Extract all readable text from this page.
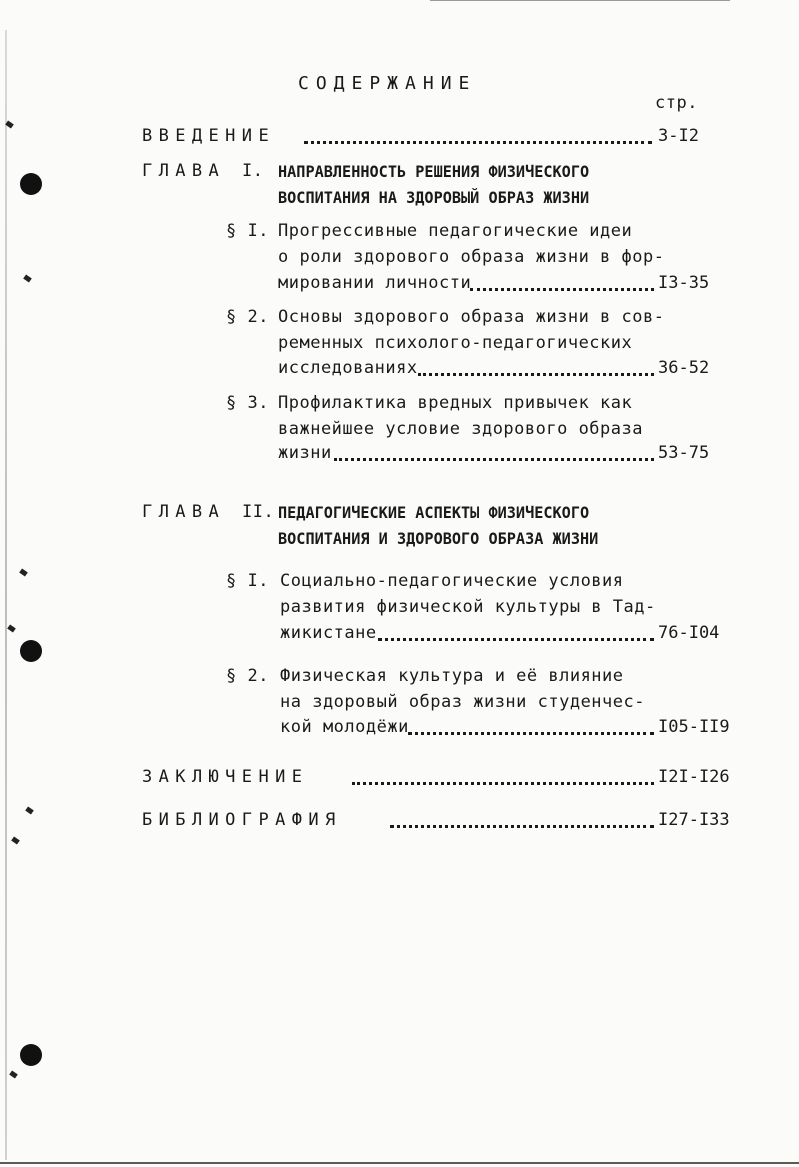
СОДЕРЖАНИЕ
стр.
ВВЕДЕНИЕ	3-I2
ГЛАВА I. НАПРАВЛЕННОСТЬ РЕШЕНИЯ ФИЗИЧЕСКОГО
ВОСПИТАНИЯ НА ЗДОРОВЫЙ ОБРАЗ ЖИЗНИ
§ I. Прогрессивные педагогические идеи
о роли здорового образа жизни в фор-
мировании личности	I3-35
§ 2. Основы здорового образа жизни в сов-
ременных психолого-педагогических
исследованиях	36-52
§ 3. Профилактика вредных привычек как
важнейшее условие здорового образа
жизни	53-75
ГЛАВА II. ПЕДАГОГИЧЕСКИЕ АСПЕКТЫ ФИЗИЧЕСКОГО
ВОСПИТАНИЯ И ЗДОРОВОГО ОБРАЗА ЖИЗНИ
§ I. Социально-педагогические условия
развития физической культуры в Тад-
жикистане	76-I04
§ 2. Физическая культура и её влияние
на здоровый образ жизни студенчес-
кой молодёжи	I05-II9
ЗАКЛЮЧЕНИЕ	I2I-I26
БИБЛИОГРАФИЯ	I27-I33
